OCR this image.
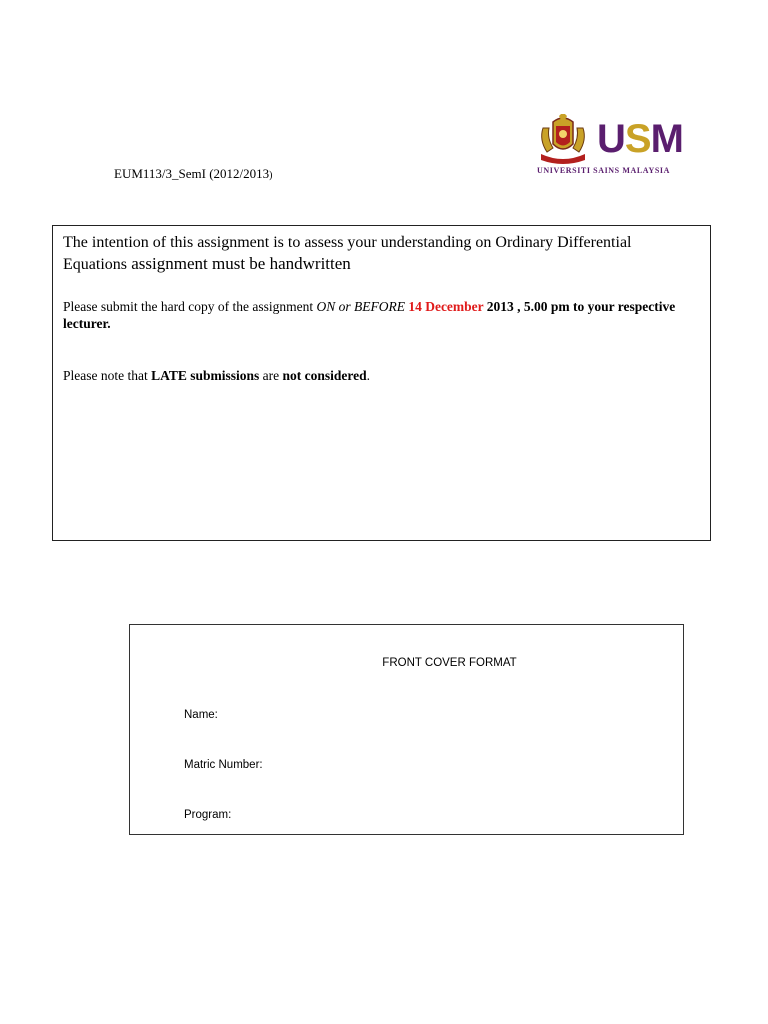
EUM113/3_SemI (2012/2013)
USM
UNIVERSITI SAINS MALAYSIA
The intention of this assignment is to assess your understanding on Ordinary Differential
Equations assignment must be handwritten
Please submit the hard copy of the assignment ON or BEFORE 14 December 2013 , 5.00 pm to your respective lecturer.
Please note that LATE submissions are not considered.
FRONT COVER FORMAT
Name:
Matric Number:
Program:
